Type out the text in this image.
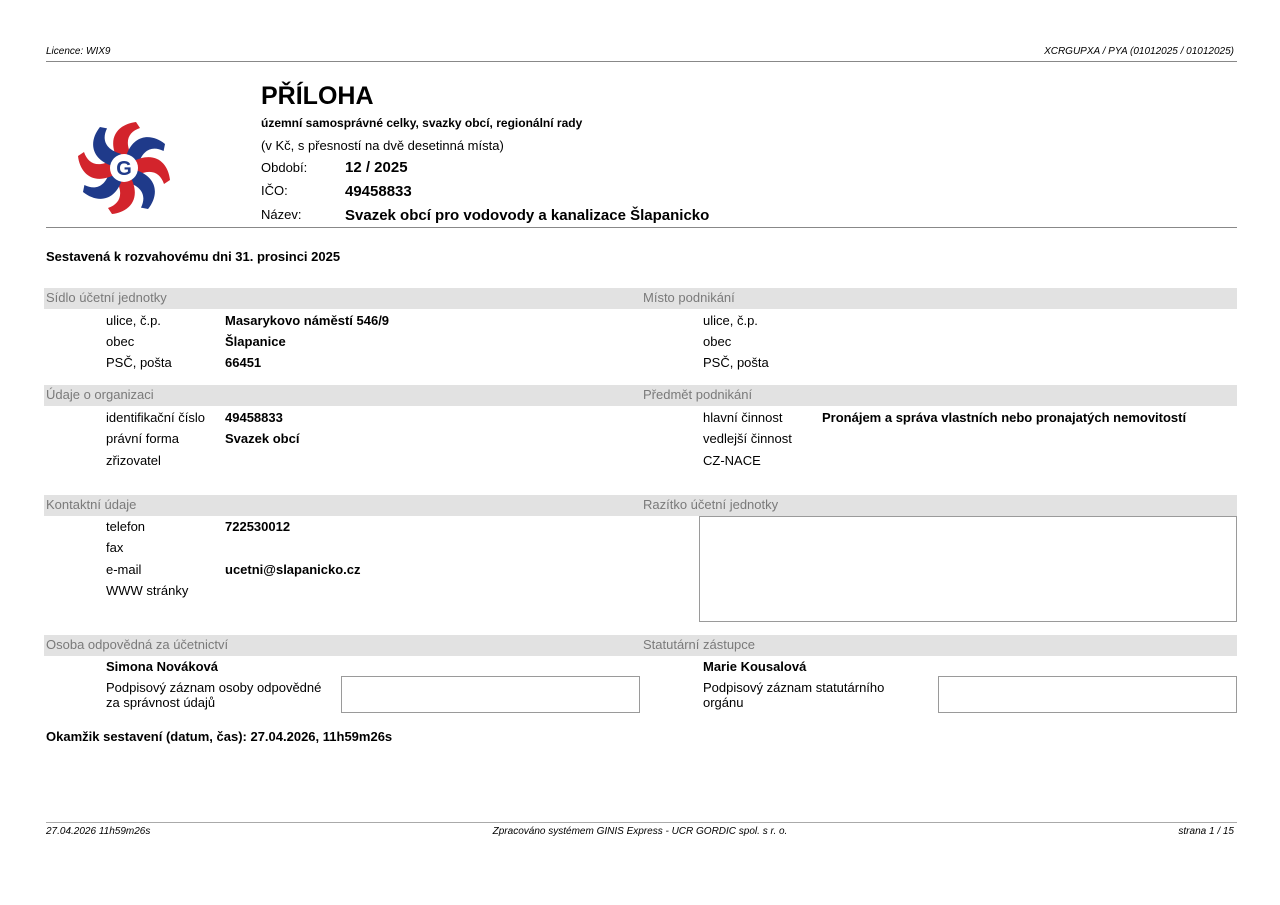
Licence: WIX9	XCRGUPXA / PYA (01012025 / 01012025)
G
PŘÍLOHA
územní samosprávné celky, svazky obcí, regionální rady
(v Kč, s přesností na dvě desetinná místa)
Období:	12 / 2025
IČO:	49458833
Název:	Svazek obcí pro vodovody a kanalizace Šlapanicko
Sestavená k rozvahovému dni 31. prosinci 2025
Sídlo účetní jednotky	Místo podnikání
ulice, č.p.	Masarykovo náměstí 546/9
obec	Šlapanice
PSČ, pošta	66451
ulice, č.p.
obec
PSČ, pošta
Údaje o organizaci	Předmět podnikání
identifikační číslo 49458833
právní forma	Svazek obcí
zřizovatel
hlavní činnost	Pronájem a správa vlastních nebo pronajatých nemovitostí
vedlejší činnost
CZ-NACE
Kontaktní údaje	Razítko účetní jednotky
telefon	722530012
fax
e-mail	ucetni@slapanicko.cz
WWW stránky
Osoba odpovědná za účetnictví	Statutární zástupce
Simona Nováková
Podpisový záznam osoby odpovědné
za správnost údajů
Marie Kousalová
Podpisový záznam statutárního
orgánu
Okamžik sestavení (datum, čas): 27.04.2026, 11h59m26s
27.04.2026 11h59m26s	Zpracováno systémem GINIS Express - UCR GORDIC spol. s r. o.	strana 1 / 15
